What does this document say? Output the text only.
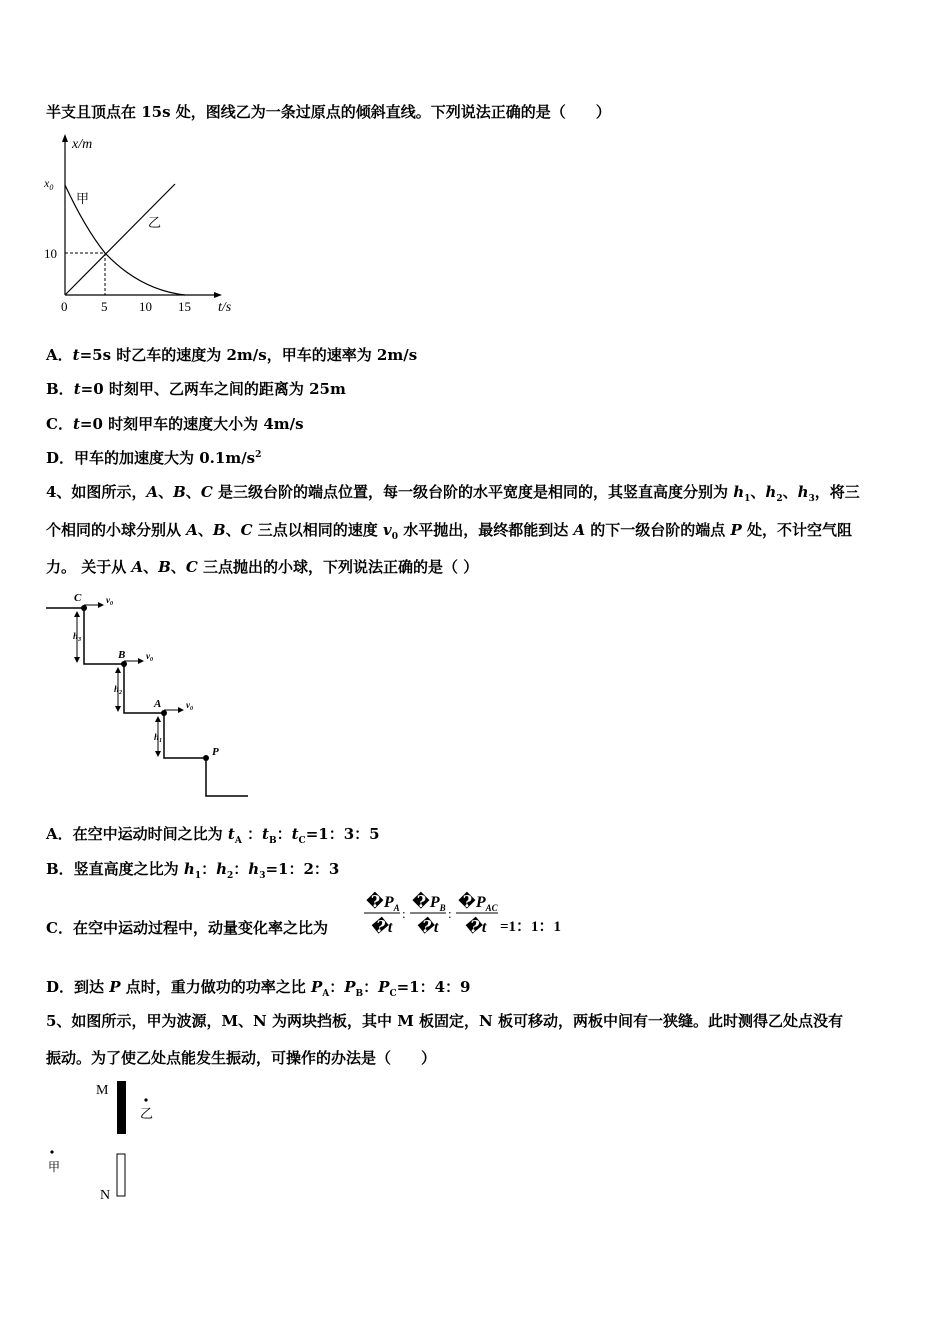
半支且顶点在 15s 处，图线乙为一条过原点的倾斜直线。下列说法正确的是（　　）
x/m
$x_0$
10
0	5 10 15 t/s
甲
乙
A．t=5s 时乙车的速度为 2m/s，甲车的速率为 2m/s
B．t=0 时刻甲、乙两车之间的距离为 25m
C．t=0 时刻甲车的速度大小为 4m/s
D．甲车的加速度大为 $0.1m/s^2$
4、如图所示，A、B、C 是三级台阶的端点位置，每一级台阶的水平宽度是相同的，其竖直高度分别为 $h_1$、$h_2$、$h_3$，将三
个相同的小球分别从 A、B、C 三点以相同的速度 $v_0$ 水平抛出，最终都能到达 A 的下一级台阶的端点 P 处，不计空气阻
力。 关于从 A、B、C 三点抛出的小球，下列说法正确的是（ ）
C
B
A
P
$v_0$
$v_0$
$v_0$
$h_3$
$h_2$
$h_1$
A．在空中运动时间之比为 $t_A$ ：$t_B$：$t_C=1$：3：5
B．竖直高度之比为 $h_1$：$h_2$：$h_3=1$：2：3
C．在空中运动过程中，动量变化率之比为
$�P_A$
�t
:
$�P_B$
�t
:
$�P_{AC}$
�t =1：1：1
D．到达 P 点时，重力做功的功率之比 $P_A$：$P_B$：$P_C=1$：4：9
5、如图所示，甲为波源，M、N 为两块挡板，其中 M 板固定，N 板可移动，两板中间有一狭缝。此时测得乙处点没有
振动。为了使乙处点能发生振动，可操作的办法是（　　）
M
乙
甲
N
